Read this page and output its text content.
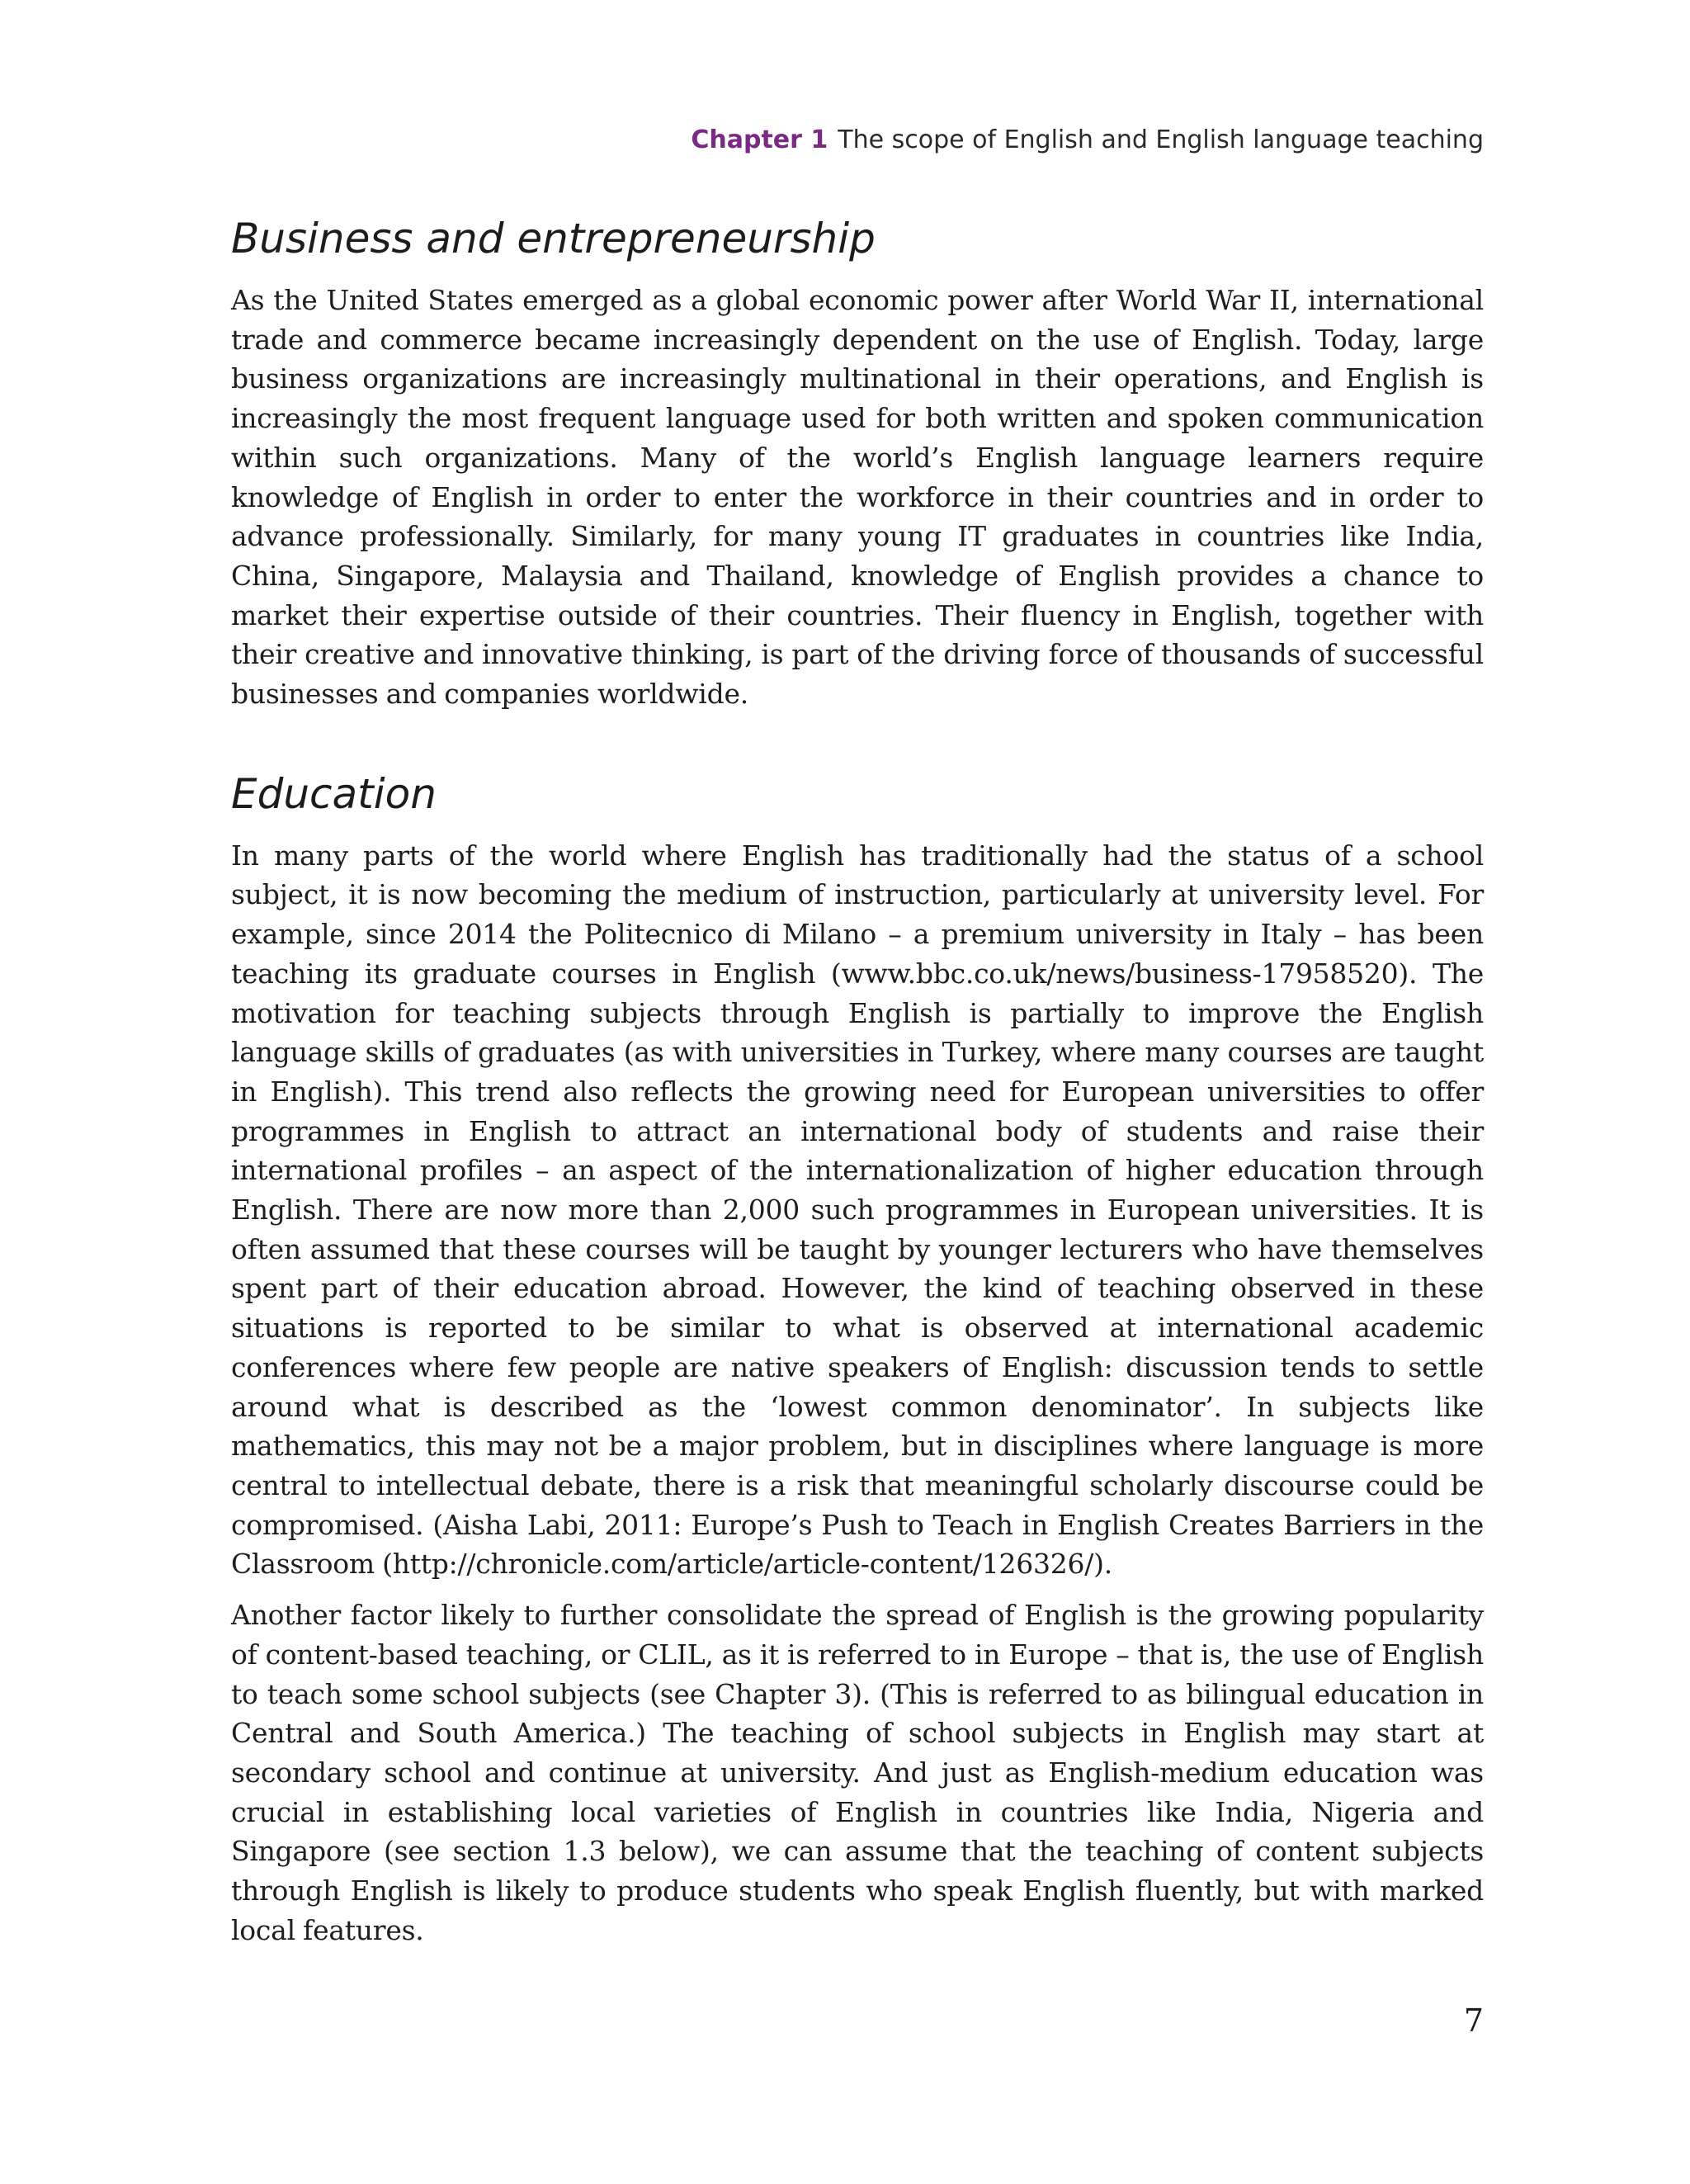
Chapter 1 The scope of English and English language teaching
Business and entrepreneurship

As the United States emerged as a global economic power after World War II, international trade and commerce became increasingly dependent on the use of English. Today, large business organizations are increasingly multinational in their operations, and English is increasingly the most frequent language used for both written and spoken communication within such organizations. Many of the world’s English language learners require knowledge of English in order to enter the workforce in their countries and in order to advance professionally. Similarly, for many young IT graduates in countries like India, China, Singapore, Malaysia and Thailand, knowledge of English provides a chance to market their expertise outside of their countries. Their fluency in English, together with their creative and innovative thinking, is part of the driving force of thousands of successful businesses and companies worldwide.

Education

In many parts of the world where English has traditionally had the status of a school subject, it is now becoming the medium of instruction, particularly at university level. For example, since 2014 the Politecnico di Milano – a premium university in Italy – has been teaching its graduate courses in English (www.bbc.co.uk/news/business-17958520). The motivation for teaching subjects through English is partially to improve the English language skills of graduates (as with universities in Turkey, where many courses are taught in English). This trend also reflects the growing need for European universities to offer programmes in English to attract an international body of students and raise their international profiles – an aspect of the internationalization of higher education through English. There are now more than 2,000 such programmes in European universities. It is often assumed that these courses will be taught by younger lecturers who have themselves spent part of their education abroad. However, the kind of teaching observed in these situations is reported to be similar to what is observed at international academic conferences where few people are native speakers of English: discussion tends to settle around what is described as the ‘lowest common denominator’. In subjects like mathematics, this may not be a major problem, but in disciplines where language is more central to intellectual debate, there is a risk that meaningful scholarly discourse could be compromised. (Aisha Labi, 2011: Europe’s Push to Teach in English Creates Barriers in the Classroom (http://chronicle.com/article/article-content/126326/).

Another factor likely to further consolidate the spread of English is the growing popularity of content-based teaching, or CLIL, as it is referred to in Europe – that is, the use of English to teach some school subjects (see Chapter 3). (This is referred to as bilingual education in Central and South America.) The teaching of school subjects in English may start at secondary school and continue at university. And just as English-medium education was crucial in establishing local varieties of English in countries like India, Nigeria and Singapore (see section 1.3 below), we can assume that the teaching of content subjects through English is likely to produce students who speak English fluently, but with marked local features.

7
